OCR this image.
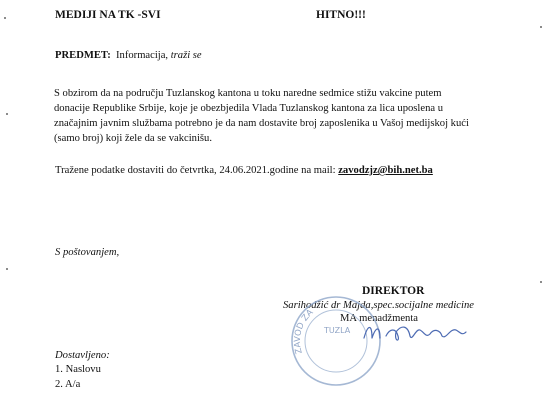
MEDIJI NA TK -SVI	HITNO!!!
PREDMET: Informacija, traži se
S obzirom da na području Tuzlanskog kantona u toku naredne sedmice stižu vakcine putem
donacije Republike Srbije, koje je obezbjedila Vlada Tuzlanskog kantona za lica uposlena u
značajnim javnim službama potrebno je da nam dostavite broj zaposlenika u Vašoj medijskoj kući
(samo broj) koji žele da se vakcinišu.
Tražene podatke dostaviti do četvrtka, 24.06.2021.godine na mail: zavodzjz@bih.net.ba
S poštovanjem,
DIREKTOR
Sarihodžić dr Majda,spec.socijalne medicine
MA menadžmenta
ZAVOD ZA
TUZLA
Dostavljeno:
1. Naslovu
2. A/a
